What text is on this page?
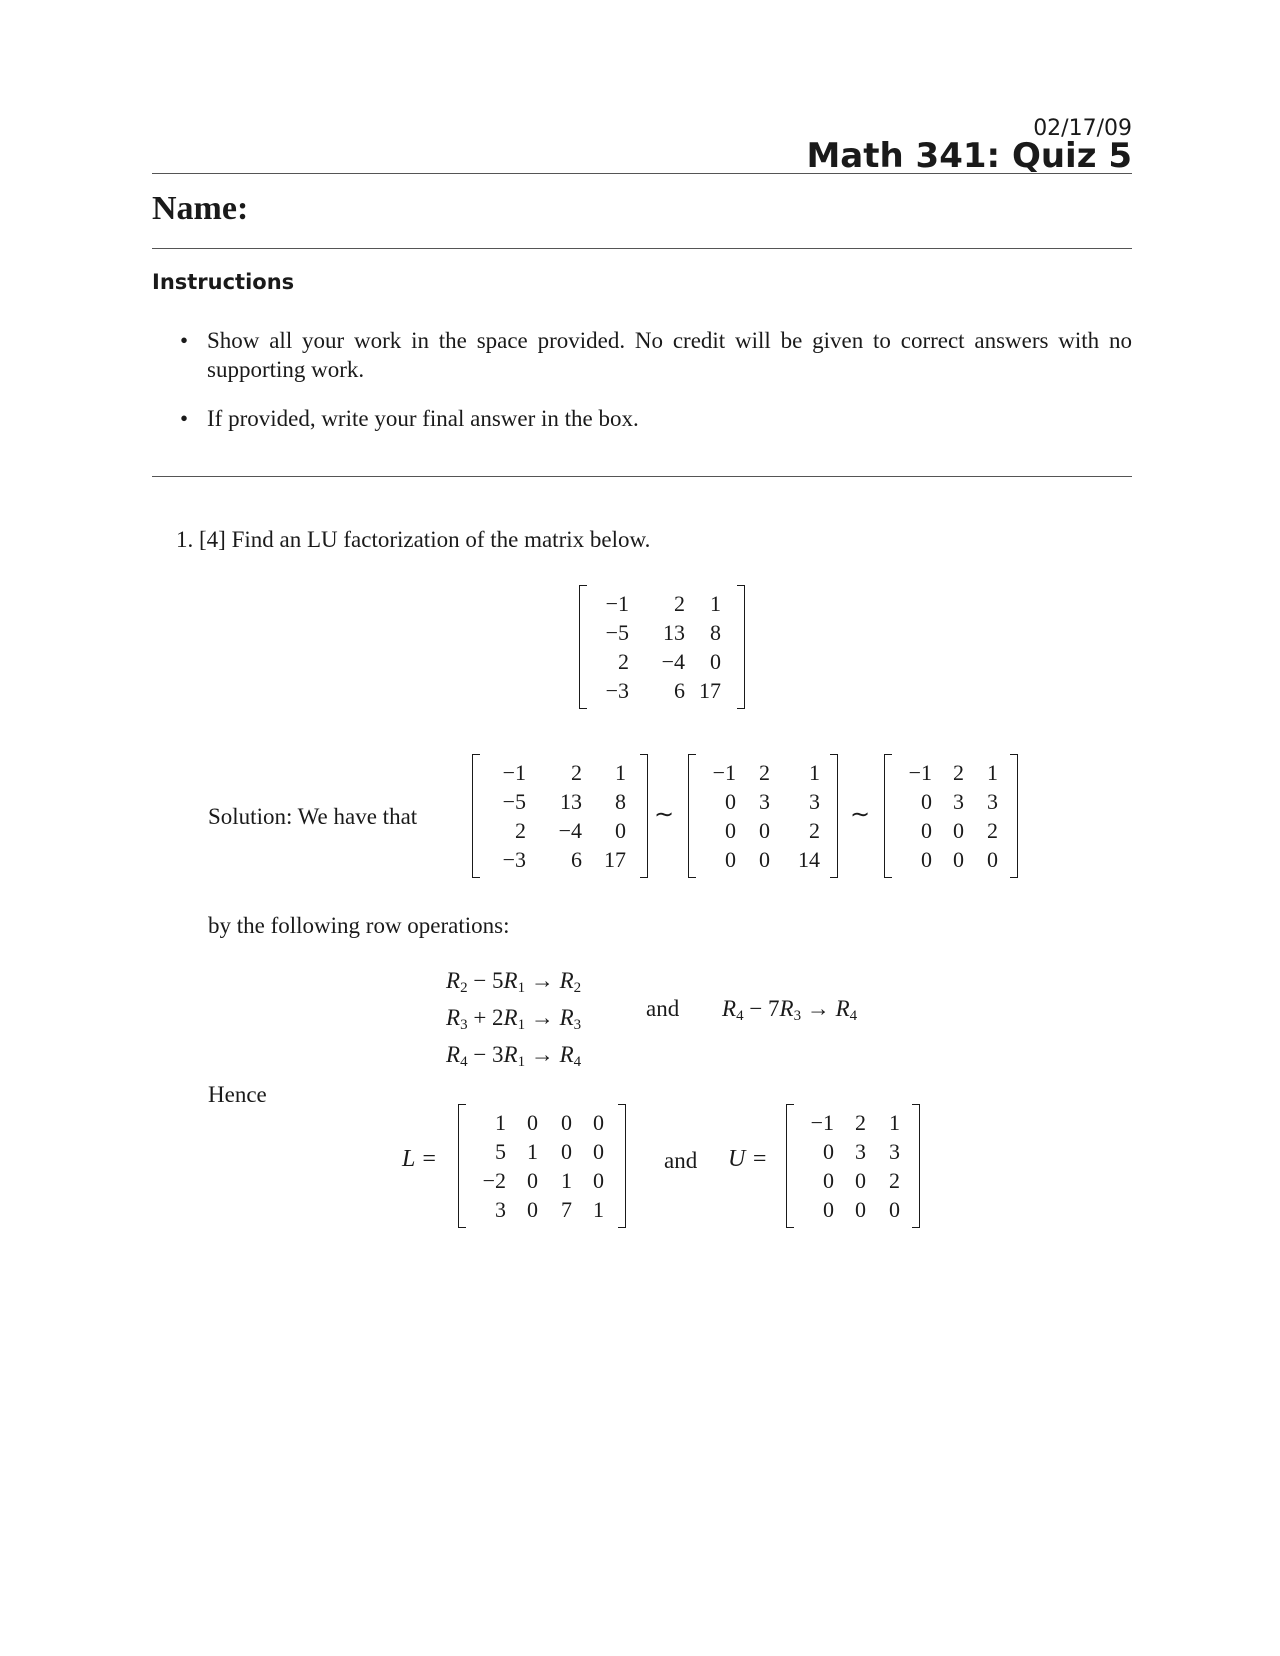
02/17/09
Math 341: Quiz 5
Name:
Instructions
• Show all your work in the space provided. No credit will be given to correct answers with no supporting work.
• If provided, write your final answer in the box.
1. [4] Find an LU factorization of the matrix below.
−1	2	1
−5	13	8
2	−4	0
−3	6	17
Solution: We have that
−1	2	1
−5	13	8
2	−4	0
−3	6	17
∼
−1	2	1
0	3	3
0	0	2
0	0	14
∼
−1	2	1
0	3	3
0	0	2
0	0	0
by the following row operations:
$R_2 - 5R_1 \to R_2$
$R_3 + 2R_1 \to R_3$
$R_4 - 3R_1 \to R_4$
and $R_4 - 7R_3 \to R_4$
Hence
L =
1	0	0	0
5	1	0	0
−2	0	1	0
3	0	7	1
and U =
−1	2	1
0	3	3
0	0	2
0	0	0
